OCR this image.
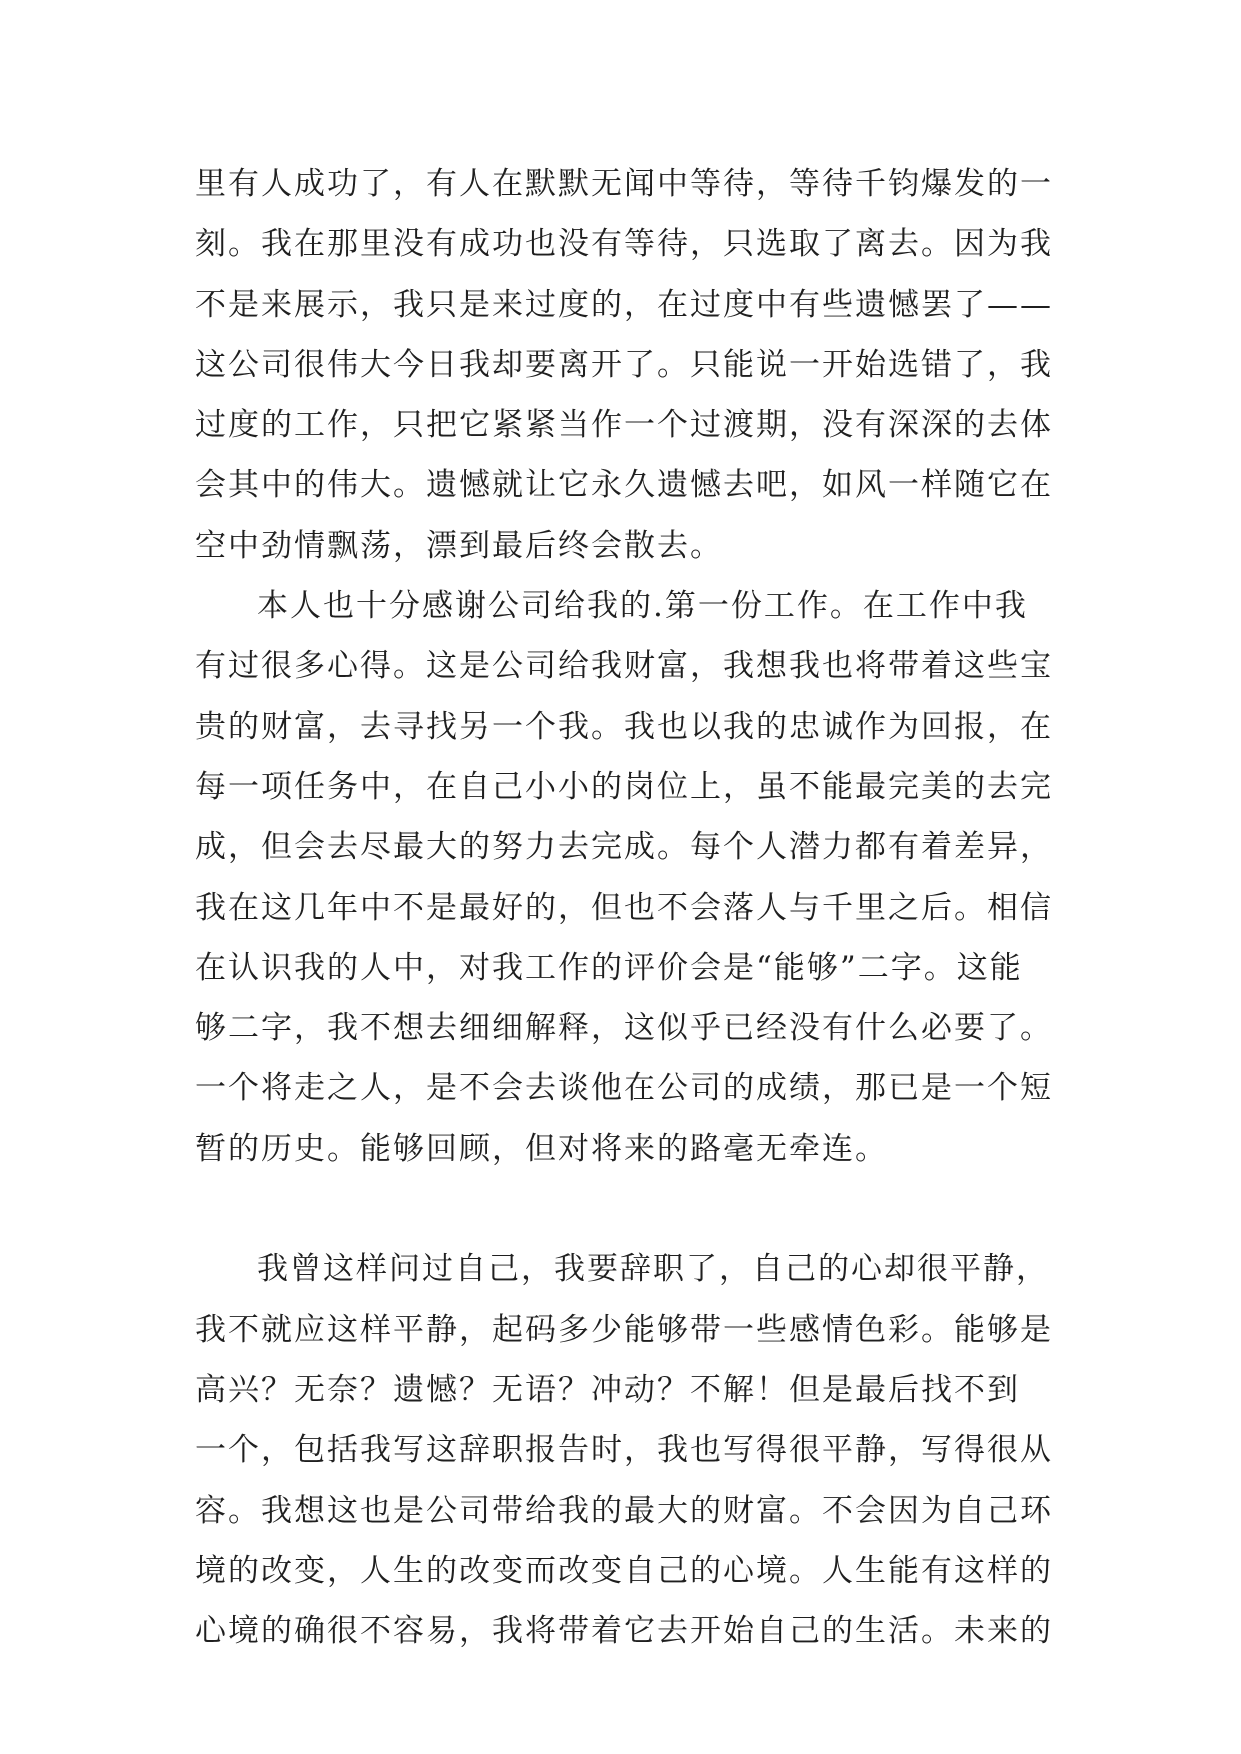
里有人成功了，有人在默默无闻中等待，等待千钧爆发的一
刻。我在那里没有成功也没有等待，只选取了离去。因为我
不是来展示，我只是来过度的，在过度中有些遗憾罢了——
这公司很伟大今日我却要离开了。只能说一开始选错了，我
过度的工作，只把它紧紧当作一个过渡期，没有深深的去体
会其中的伟大。遗憾就让它永久遗憾去吧，如风一样随它在
空中劲情飘荡，漂到最后终会散去。
本人也十分感谢公司给我的.第一份工作。在工作中我
有过很多心得。这是公司给我财富，我想我也将带着这些宝
贵的财富，去寻找另一个我。我也以我的忠诚作为回报，在
每一项任务中，在自己小小的岗位上，虽不能最完美的去完
成，但会去尽最大的努力去完成。每个人潜力都有着差异，
我在这几年中不是最好的，但也不会落人与千里之后。相信
在认识我的人中，对我工作的评价会是“能够”二字。这能
够二字，我不想去细细解释，这似乎已经没有什么必要了。
一个将走之人，是不会去谈他在公司的成绩，那已是一个短
暂的历史。能够回顾，但对将来的路毫无牵连。
我曾这样问过自己，我要辞职了，自己的心却很平静，
我不就应这样平静，起码多少能够带一些感情色彩。能够是
高兴？无奈？遗憾？无语？冲动？不解！但是最后找不到
一个，包括我写这辞职报告时，我也写得很平静，写得很从
容。我想这也是公司带给我的最大的财富。不会因为自己环
境的改变，人生的改变而改变自己的心境。人生能有这样的
心境的确很不容易，我将带着它去开始自己的生活。未来的
